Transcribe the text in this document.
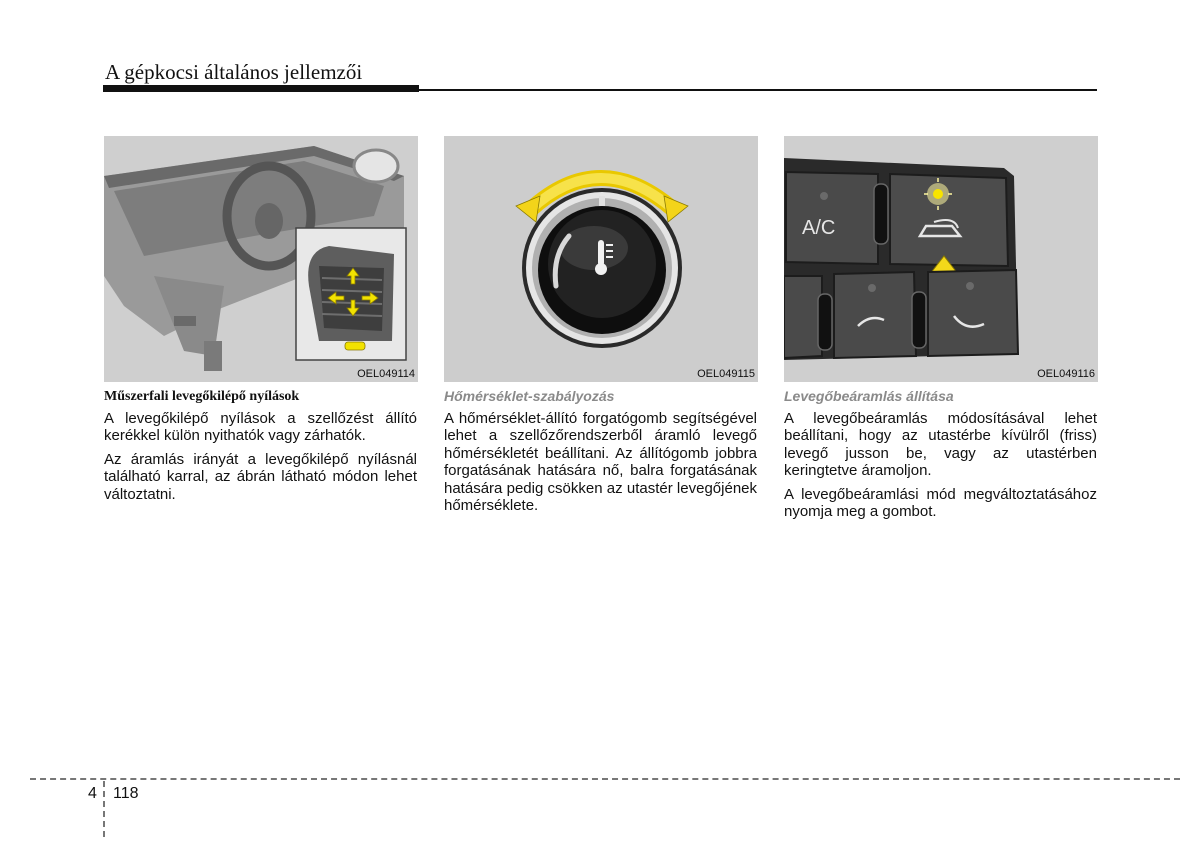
A gépkocsi általános jellemzői
OEL049114	OEL049115
A/C
OEL049116
Műszerfali levegőkilépő nyílások

A levegőkilépő nyílások a szellőzést állító kerékkel külön nyithatók vagy zárhatók.

Az áramlás irányát a levegőkilépő nyílásnál található karral, az ábrán látható módon lehet változtatni.

Hőmérséklet-szabályozás

A hőmérséklet-állító forgatógomb segítségével lehet a szellőzőrendszerből áramló levegő hőmérsékletét beállítani. Az állítógomb jobbra forgatásának hatására nő, balra forgatásának hatására pedig csökken az utastér levegőjének hőmérséklete.

Levegőbeáramlás állítása

A levegőbeáramlás módosításával lehet beállítani, hogy az utastérbe kívülről (friss) levegő jusson be, vagy az utastérben keringtetve áramoljon.

A levegőbeáramlási mód megváltoztatásához nyomja meg a gombot.

4 118
